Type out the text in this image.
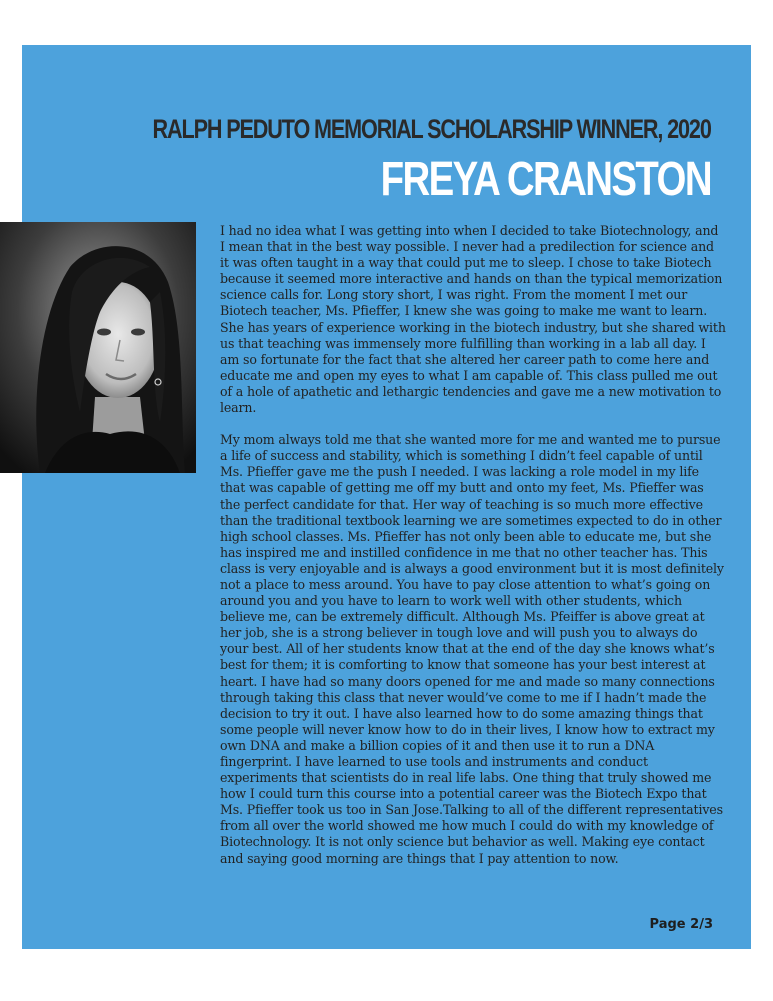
RALPH PEDUTO MEMORIAL SCHOLARSHIP WINNER, 2020
FREYA CRANSTON

I had no idea what I was getting into when I decided to take Biotechnology, and I mean that in the best way possible. I never had a predilection for science and it was often taught in a way that could put me to sleep. I chose to take Biotech because it seemed more interactive and hands on than the typical memorization science calls for. Long story short, I was right. From the moment I met our Biotech teacher, Ms. Pfieffer, I knew she was going to make me want to learn. She has years of experience working in the biotech industry, but she shared with us that teaching was immensely more fulfilling than working in a lab all day. I am so fortunate for the fact that she altered her career path to come here and educate me and open my eyes to what I am capable of. This class pulled me out of a hole of apathetic and lethargic tendencies and gave me a new motivation to learn.

My mom always told me that she wanted more for me and wanted me to pursue a life of success and stability, which is something I didn’t feel capable of until Ms. Pfieffer gave me the push I needed. I was lacking a role model in my life that was capable of getting me off my butt and onto my feet, Ms. Pfieffer was the perfect candidate for that. Her way of teaching is so much more effective than the traditional textbook learning we are sometimes expected to do in other high school classes. Ms. Pfieffer has not only been able to educate me, but she has inspired me and instilled confidence in me that no other teacher has. This class is very enjoyable and is always a good environment but it is most definitely not a place to mess around. You have to pay close attention to what’s going on around you and you have to learn to work well with other students, which believe me, can be extremely difficult. Although Ms. Pfeiffer is above great at her job, she is a strong believer in tough love and will push you to always do your best. All of her students know that at the end of the day she knows what’s best for them; it is comforting to know that someone has your best interest at heart. I have had so many doors opened for me and made so many connections through taking this class that never would’ve come to me if I hadn’t made the decision to try it out. I have also learned how to do some amazing things that some people will never know how to do in their lives, I know how to extract my own DNA and make a billion copies of it and then use it to run a DNA fingerprint. I have learned to use tools and instruments and conduct experiments that scientists do in real life labs. One thing that truly showed me how I could turn this course into a potential career was the Biotech Expo that Ms. Pfieffer took us too in San Jose.Talking to all of the different representatives from all over the world showed me how much I could do with my knowledge of Biotechnology. It is not only science but behavior as well. Making eye contact and saying good morning are things that I pay attention to now.

Page 2/3
